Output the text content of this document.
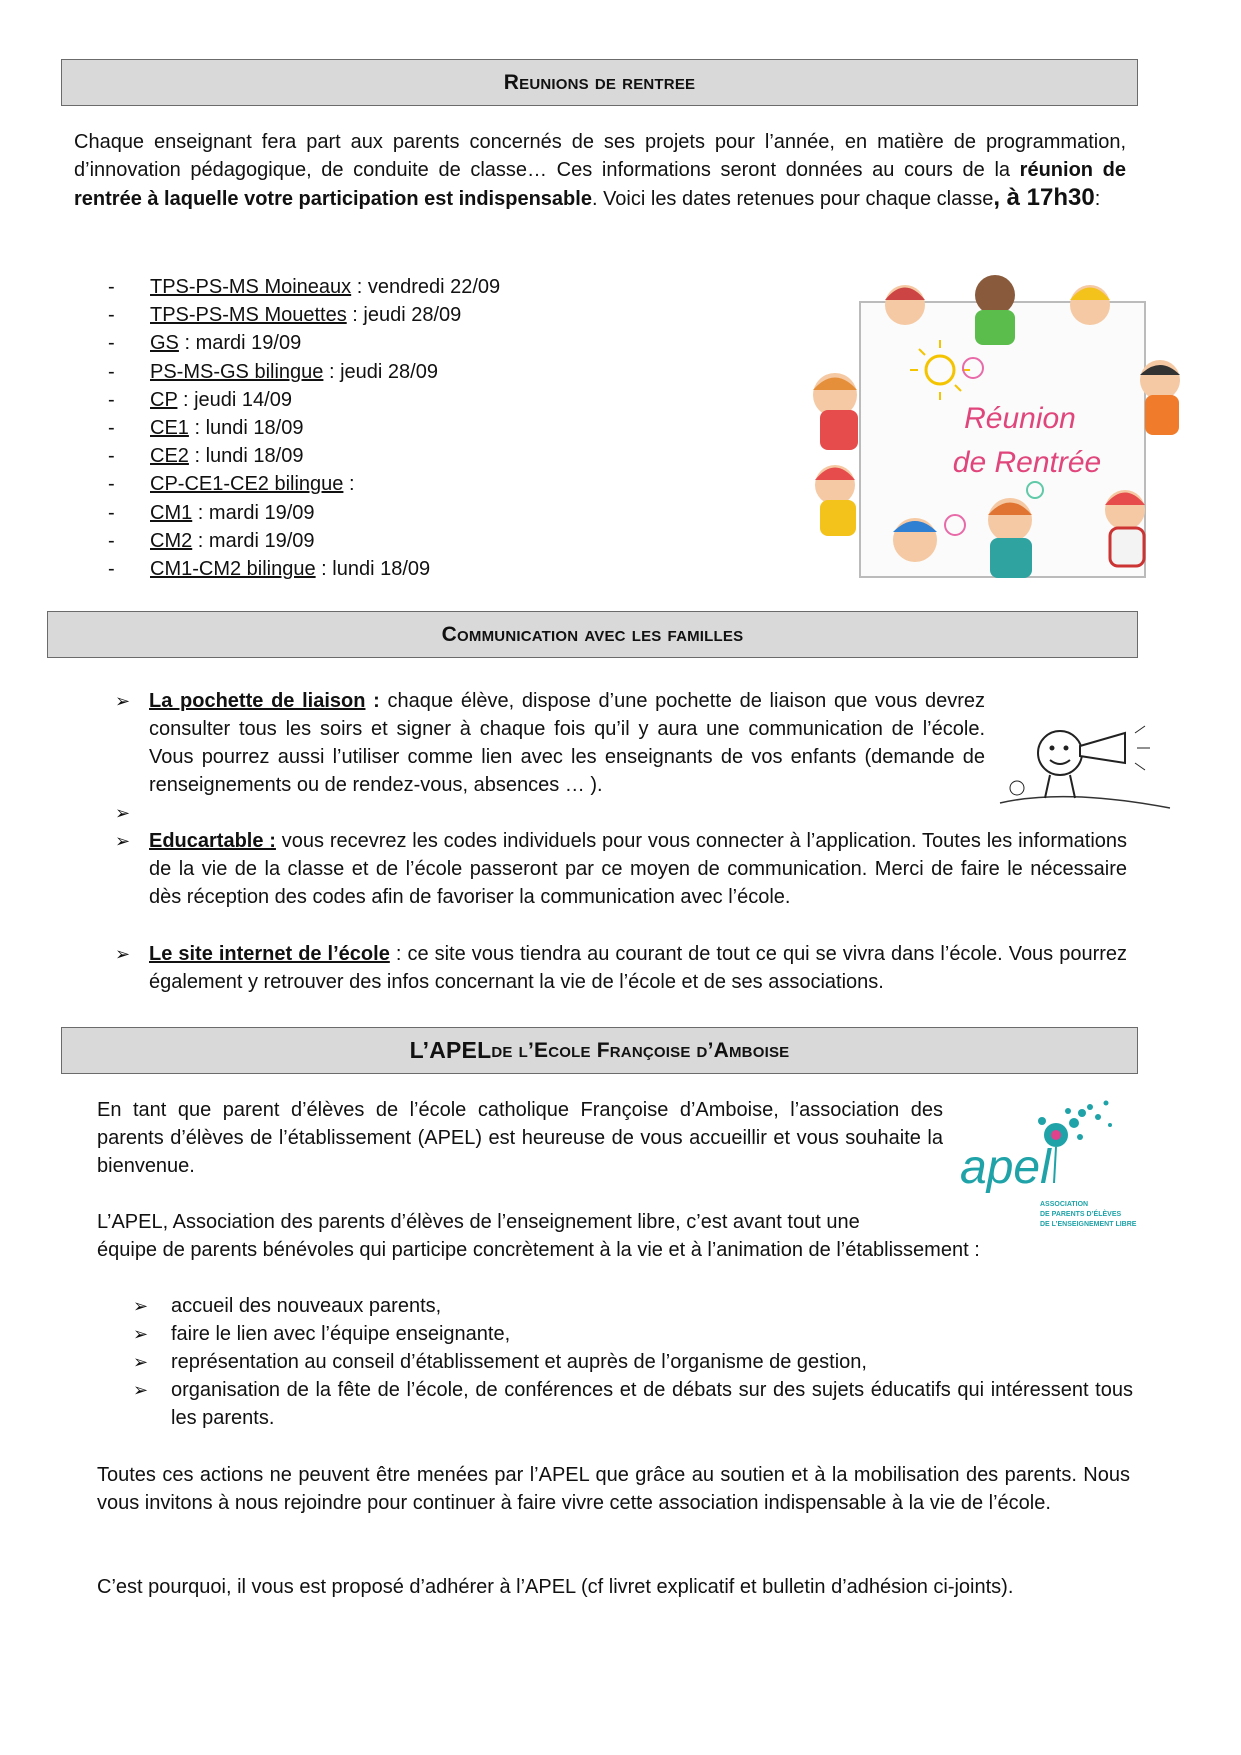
Reunions de rentree
Chaque enseignant fera part aux parents concernés de ses projets pour l’année, en matière de programmation, d’innovation pédagogique, de conduite de classe… Ces informations seront données au cours de la réunion de rentrée à laquelle votre participation est indispensable. Voici les dates retenues pour chaque classe, à 17h30:
- TPS-PS-MS Moineaux : vendredi 22/09
- TPS-PS-MS Mouettes : jeudi 28/09
- GS : mardi 19/09
- PS-MS-GS bilingue : jeudi 28/09
- CP : jeudi 14/09
- CE1 : lundi 18/09
- CE2 : lundi 18/09
- CP-CE1-CE2 bilingue :
- CM1 : mardi 19/09
- CM2 : mardi 19/09
- CM1-CM2 bilingue : lundi 18/09
Réunion
de Rentrée
Communication avec les familles
➢ La pochette de liaison : chaque élève, dispose d’une pochette de liaison que vous devrez consulter tous les soirs et signer à chaque fois qu’il y aura une communication de l’école. Vous pourrez aussi l’utiliser comme lien avec les enseignants de vos enfants (demande de renseignements ou de rendez-vous, absences … ).
➢

➢ Educartable : vous recevrez les codes individuels pour vous connecter à l’application. Toutes les informations de la vie de la classe et de l’école passeront par ce moyen de communication. Merci de faire le nécessaire dès réception des codes afin de favoriser la communication avec l’école.
➢ Le site internet de l’école : ce site vous tiendra au courant de tout ce qui se vivra dans l’école. Vous pourrez également y retrouver des infos concernant la vie de l’école et de ses associations.
L’APEL de l’Ecole Françoise d’Amboise
En tant que parent d’élèves de l’école catholique Françoise d’Amboise, l’association des parents d’élèves de l’établissement (APEL) est heureuse de vous accueillir et vous souhaite la bienvenue.	apel
ASSOCIATION
DE PARENTS D’ÉLÈVES
DE L’ENSEIGNEMENT LIBRE
L’APEL, Association des parents d’élèves de l’enseignement libre, c’est avant tout une
équipe de parents bénévoles qui participe concrètement à la vie et à l’animation de l’établissement :
➢ accueil des nouveaux parents,
➢ faire le lien avec l’équipe enseignante,
➢ représentation au conseil d’établissement et auprès de l’organisme de gestion,
➢ organisation de la fête de l’école, de conférences et de débats sur des sujets éducatifs qui intéressent tous les parents.
Toutes ces actions ne peuvent être menées par l’APEL que grâce au soutien et à la mobilisation des parents. Nous vous invitons à nous rejoindre pour continuer à faire vivre cette association indispensable à la vie de l’école.
C’est pourquoi, il vous est proposé d’adhérer à l’APEL (cf livret explicatif et bulletin d’adhésion ci-joints).
